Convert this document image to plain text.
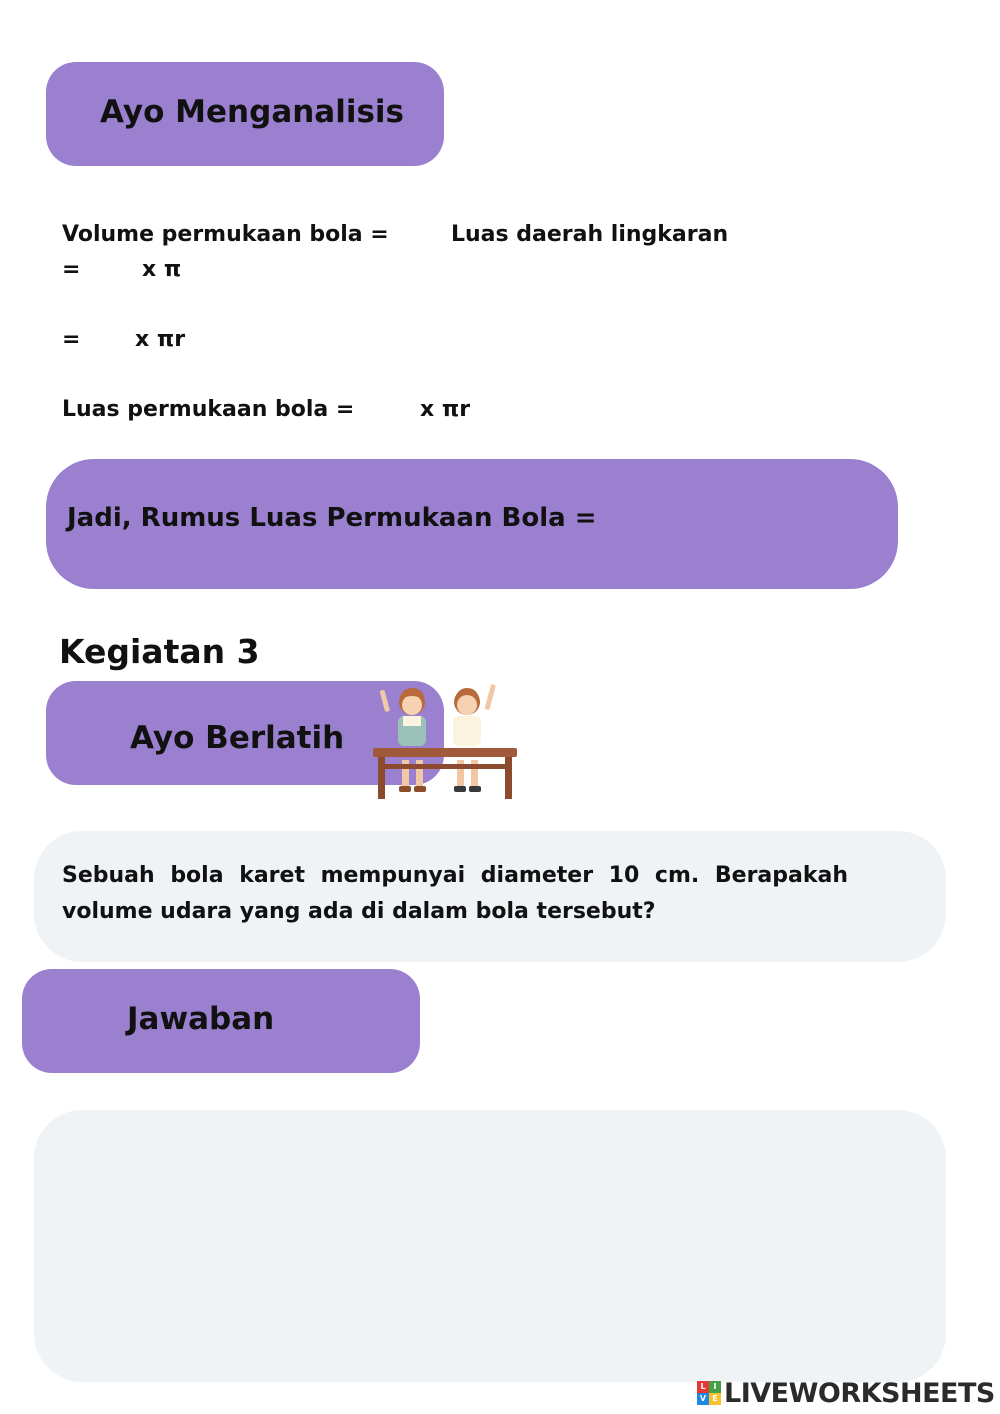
Ayo Menganalisis
Volume permukaan bola =	Luas daerah lingkaran
=	x π
= x πr
Luas permukaan bola =	x πr
Jadi, Rumus Luas Permukaan Bola =
Kegiatan 3
Ayo Berlatih
Sebuah bola karet mempunyai diameter 10 cm. Berapakah volume udara yang ada di dalam bola tersebut?
Jawaban
L I
V E LIVEWORKSHEETS
